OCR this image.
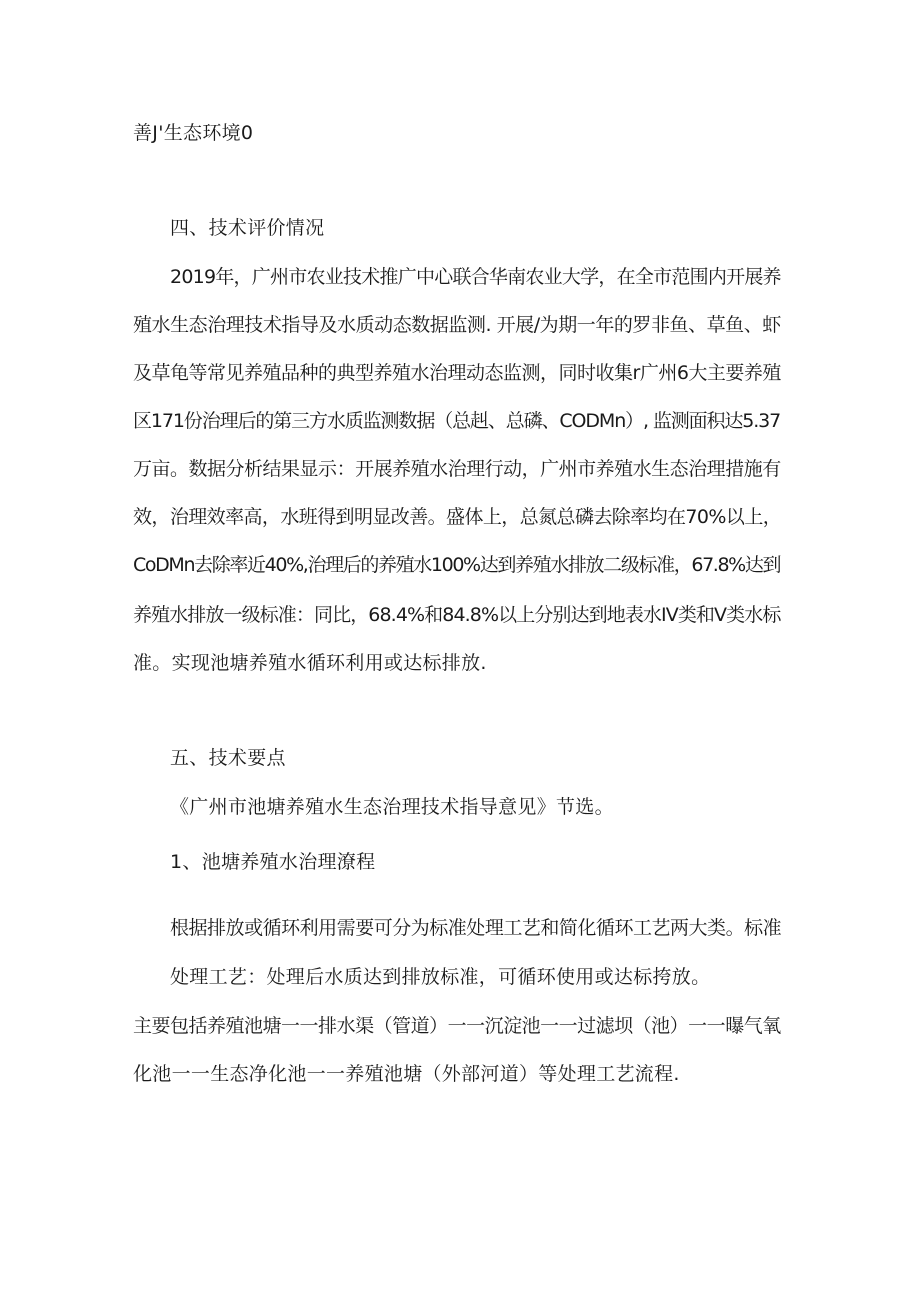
善J'生态环境0
四、技术评价情况
2019年，广州市农业技术推广中心联合华南农业大学，在全市范围内开展养
殖水生态治理技术指导及水质动态数据监测. 开展/为期一年的罗非鱼、草鱼、虾
及草龟等常见养殖品种的典型养殖水治理动态监测，同时收集r广州6大主要养殖
区171份治理后的第三方水质监测数据（总赳、总磷、CODMn）, 监测面积达5.37
万亩。数据分析结果显示：开展养殖水治理行动，广州市养殖水生态治理措施有
效，治理效率高，水班得到明显改善。盛体上，总氮总磷去除率均在70%以上，
CoDMn去除率近40%,治理后的养殖水100%达到养殖水排放二级标准，67.8%达到
养殖水排放一级标准：同比，68.4%和84.8%以上分别达到地表水IV类和V类水标
准。实现池塘养殖水循环利用或达标排放.
五、技术要点
《广州市池塘养殖水生态治理技术指导意见》节选。
1、池塘养殖水治理潦程
根据排放或循环利用需要可分为标准处理工艺和简化循环工艺两大类。标准
处理工艺：处理后水质达到排放标准，可循环使用或达标挎放。
主要包括养殖池塘一一排水渠（管道）一一沉淀池一一过滤坝（池）一一曝气氧
化池一一生态净化池一一养殖池塘（外部河道）等处理工艺流程.
